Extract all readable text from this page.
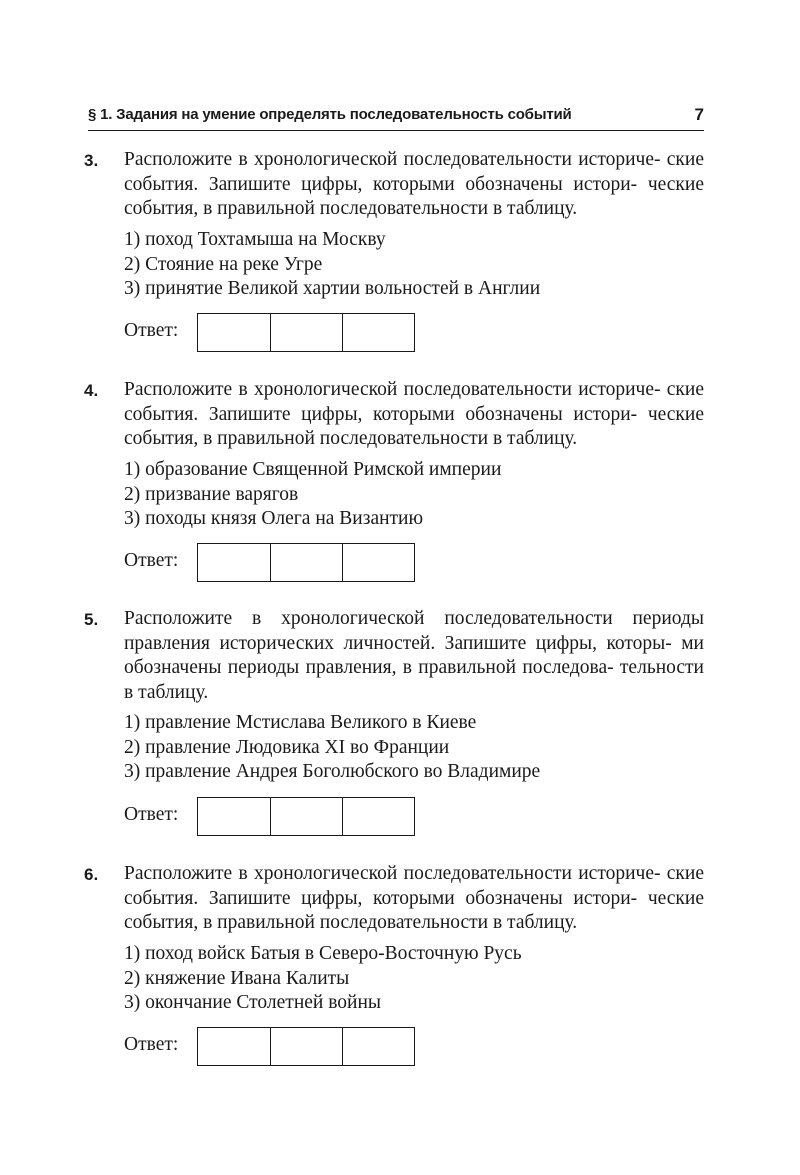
§ 1. Задания на умение определять последовательность событий	7
3. Расположите в хронологической последовательности историче- ские события. Запишите цифры, которыми обозначены истори- ческие события, в правильной последовательности в таблицу.
1) поход Тохтамыша на Москву
2) Стояние на реке Угре
3) принятие Великой хартии вольностей в Англии
Ответ:
4. Расположите в хронологической последовательности историче- ские события. Запишите цифры, которыми обозначены истори- ческие события, в правильной последовательности в таблицу.
1) образование Священной Римской империи
2) призвание варягов
3) походы князя Олега на Византию
Ответ:
5. Расположите в хронологической последовательности периоды правления исторических личностей. Запишите цифры, которы- ми обозначены периоды правления, в правильной последова- тельности в таблицу.
1) правление Мстислава Великого в Киеве
2) правление Людовика XI во Франции
3) правление Андрея Боголюбского во Владимире
Ответ:
6. Расположите в хронологической последовательности историче- ские события. Запишите цифры, которыми обозначены истори- ческие события, в правильной последовательности в таблицу.
1) поход войск Батыя в Северо-Восточную Русь
2) княжение Ивана Калиты
3) окончание Столетней войны
Ответ:
